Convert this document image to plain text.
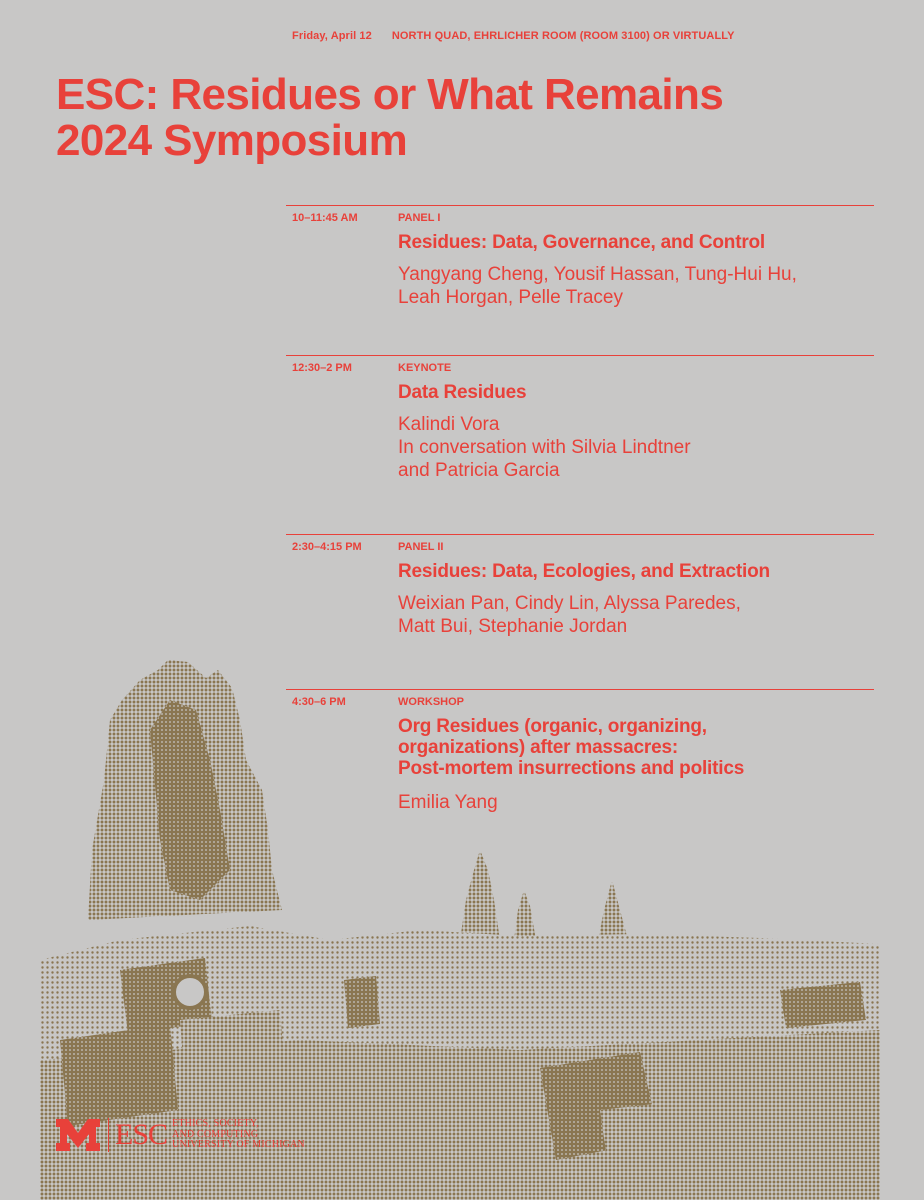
Friday, April 12 NORTH QUAD, EHRLICHER ROOM (ROOM 3100) OR VIRTUALLY
ESC: Residues or What Remains
2024 Symposium
10–11:45 AM	PANEL I
Residues: Data, Governance, and Control
Yangyang Cheng, Yousif Hassan, Tung-Hui Hu,
Leah Horgan, Pelle Tracey
12:30–2 PM	KEYNOTE
Data Residues
Kalindi Vora
In conversation with Silvia Lindtner
and Patricia Garcia
2:30–4:15 PM	PANEL II
Residues: Data, Ecologies, and Extraction
Weixian Pan, Cindy Lin, Alyssa Paredes,
Matt Bui, Stephanie Jordan
4:30–6 PM	WORKSHOP
Org Residues (organic, organizing,
organizations) after massacres:
Post-mortem insurrections and politics
Emilia Yang
ESC ETHICS, SOCIETY,
AND COMPUTING
UNIVERSITY OF MICHIGAN
